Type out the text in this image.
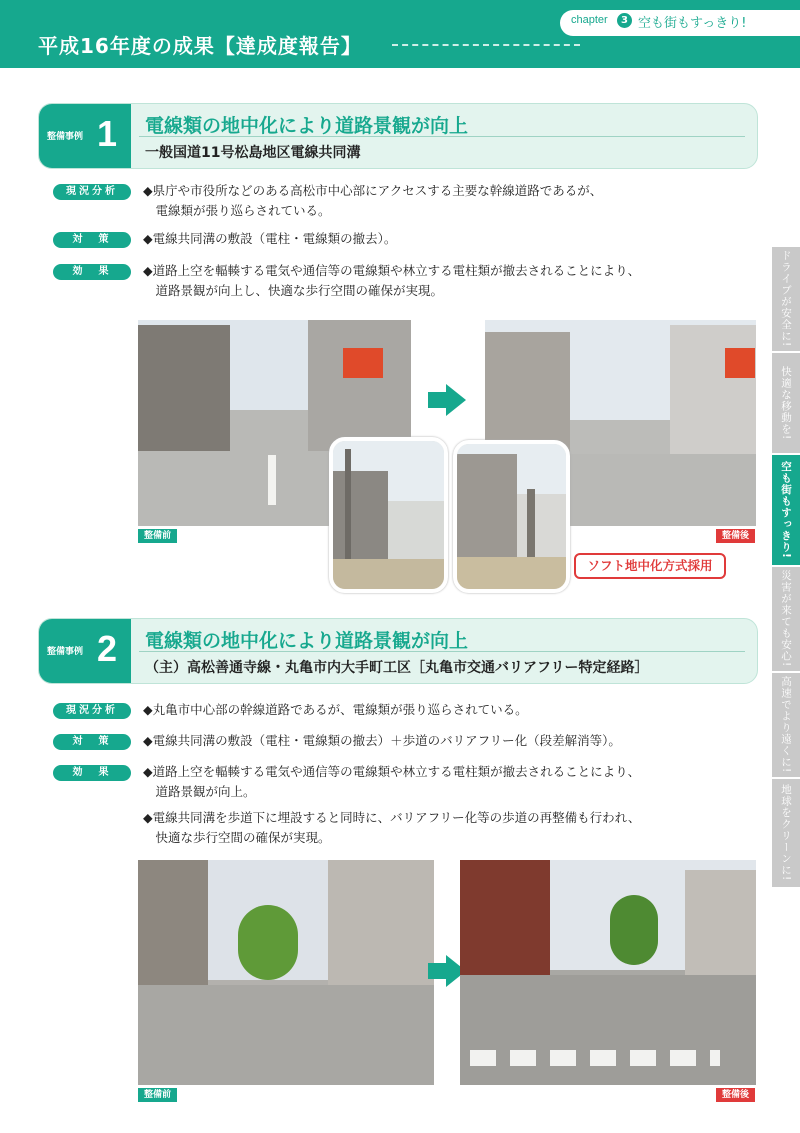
平成16年度の成果【達成度報告】
chapter	3 空も街もすっきり!
ドライブが安全に!
快適な移動を!
空も街もすっきり!
災害が来ても安心!
高速でより遠くに!
地球をクリーンに!
整備事例 1 電線類の地中化により道路景観が向上
一般国道11号松島地区電線共同溝
現況分析	◆県庁や市役所などのある高松市中心部にアクセスする主要な幹線道路であるが、
　電線類が張り巡らされている。
対　策	◆電線共同溝の敷設（電柱・電線類の撤去）。
効　果	◆道路上空を輻輳する電気や通信等の電線類や林立する電柱類が撤去されることにより、
　道路景観が向上し、快適な歩行空間の確保が実現。
整備前	整備後
ソフト地中化方式採用
整備事例 2 電線類の地中化により道路景観が向上
（主）高松善通寺線・丸亀市内大手町工区［丸亀市交通バリアフリー特定経路］
現況分析	◆丸亀市中心部の幹線道路であるが、電線類が張り巡らされている。
対　策	◆電線共同溝の敷設（電柱・電線類の撤去）＋歩道のバリアフリー化（段差解消等）。
効　果	◆道路上空を輻輳する電気や通信等の電線類や林立する電柱類が撤去されることにより、
　道路景観が向上。
◆電線共同溝を歩道下に埋設すると同時に、バリアフリー化等の歩道の再整備も行われ、
　快適な歩行空間の確保が実現。
整備前	整備後
